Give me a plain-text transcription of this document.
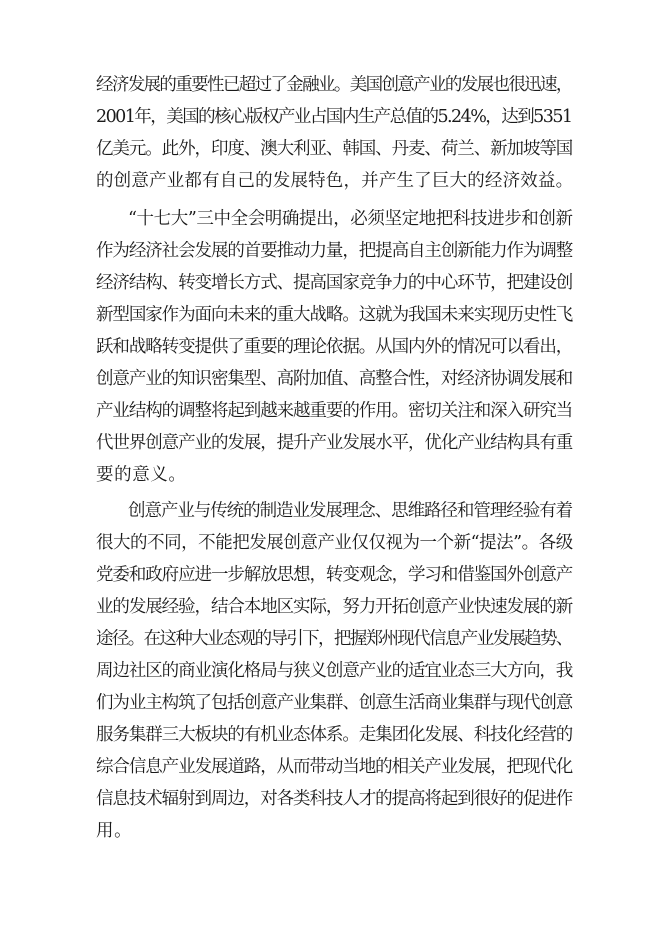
经济发展的重要性已超过了金融业。美国创意产业的发展也很迅速，

2001年，美国的核心版权产业占国内生产总值的5.24%，达到5351

亿美元。此外，印度、澳大利亚、韩国、丹麦、荷兰、新加坡等国

的创意产业都有自己的发展特色，并产生了巨大的经济效益。

“十七大”三中全会明确提出，必须坚定地把科技进步和创新

作为经济社会发展的首要推动力量，把提高自主创新能力作为调整

经济结构、转变增长方式、提高国家竞争力的中心环节，把建设创

新型国家作为面向未来的重大战略。这就为我国未来实现历史性飞

跃和战略转变提供了重要的理论依据。从国内外的情况可以看出，

创意产业的知识密集型、高附加值、高整合性，对经济协调发展和

产业结构的调整将起到越来越重要的作用。密切关注和深入研究当

代世界创意产业的发展，提升产业发展水平，优化产业结构具有重

要的意义。

创意产业与传统的制造业发展理念、思维路径和管理经验有着

很大的不同，不能把发展创意产业仅仅视为一个新“提法”。各级

党委和政府应进一步解放思想，转变观念，学习和借鉴国外创意产

业的发展经验，结合本地区实际，努力开拓创意产业快速发展的新

途径。在这种大业态观的导引下，把握郑州现代信息产业发展趋势、

周边社区的商业演化格局与狭义创意产业的适宜业态三大方向，我

们为业主构筑了包括创意产业集群、创意生活商业集群与现代创意

服务集群三大板块的有机业态体系。走集团化发展、科技化经营的

综合信息产业发展道路，从而带动当地的相关产业发展，把现代化

信息技术辐射到周边，对各类科技人才的提高将起到很好的促进作

用。
